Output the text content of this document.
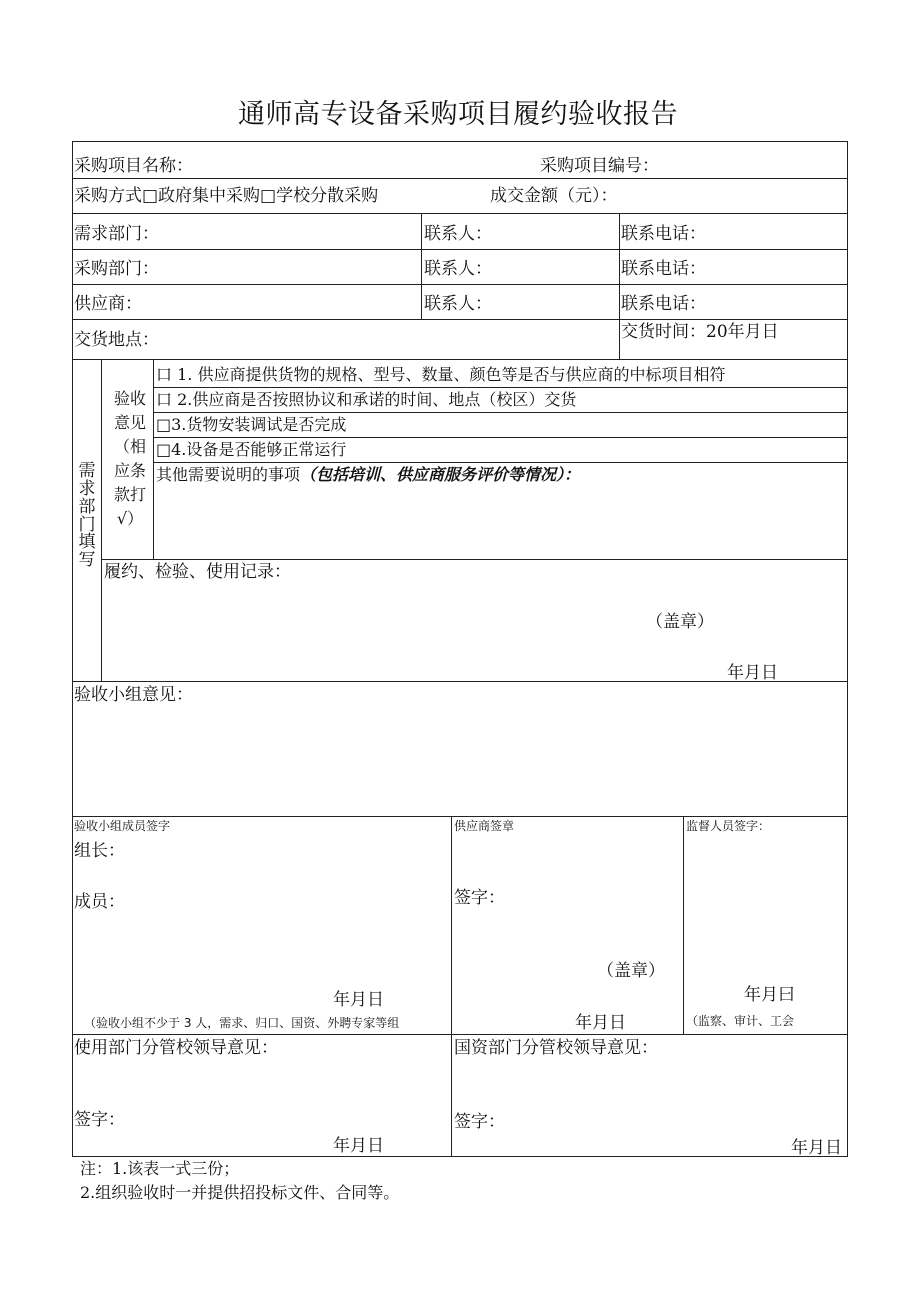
通师高专设备采购项目履约验收报告
采购项目名称：	采购项目编号：
采购方式□政府集中采购□学校分散采购	成交金额（元）：
需求部门：	联系人：	联系电话：
采购部门：	联系人：	联系电话：
供应商：	联系人：	联系电话：
交货地点：	交货时间：20年月日
需求部门填写
验收意见（相应条款打√）
口 1. 供应商提供货物的规格、型号、数量、颜色等是否与供应商的中标项目相符
口 2.供应商是否按照协议和承诺的时间、地点（校区）交货
□3.货物安装调试是否完成
□4.设备是否能够正常运行
其他需要说明的事项（包括培训、供应商服务评价等情况）：
履约、检验、使用记录：
（盖章）
年月日
验收小组意见：
验收小组成员签字
组长：
成员：
年月日
（验收小组不少于 3 人，需求、归口、国资、外聘专家等组
供应商签章
签字：
（盖章）
年月日
监督人员签字：
年月曰
（监察、审计、工会
使用部门分管校领导意见：
签字：
年月日
国资部门分管校领导意见：
签字：
年月日
注：1.该表一式三份；
2.组织验收时一并提供招投标文件、合同等。
